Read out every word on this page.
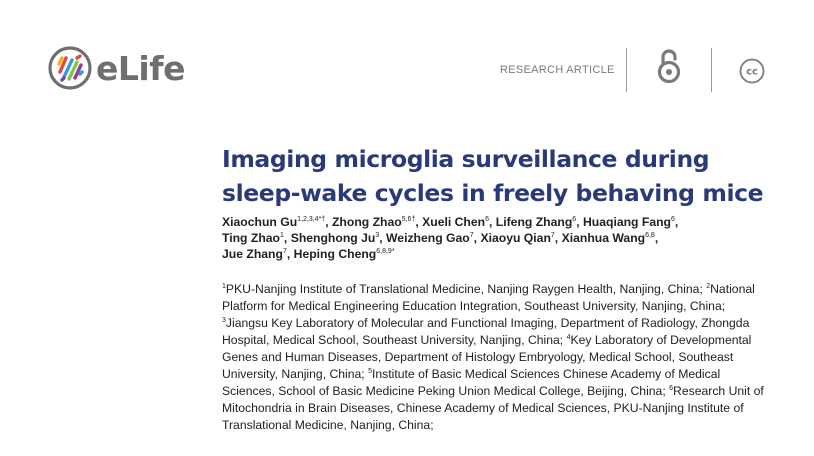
eLife	RESEARCH ARTICLE	cc
Imaging microglia surveillance during
sleep-wake cycles in freely behaving mice
Xiaochun $Gu^{1,2,3,4*\dagger}$, Zhong Zhao$^{5,6\dagger}$, Xueli Chen$^6$, Lifeng Zhang$^6$, Huaqiang Fang$^6$,
Ting Zhao$^1$, Shenghong Ju$^3$, Weizheng Gao$^7$, Xiaoyu Qian$^7$, Xianhua Wang$^{6,8}$,
Jue Zhang$^7$, Heping Cheng$^{6,8,9*}$
$^1$PKU-Nanjing Institute of Translational Medicine, Nanjing Raygen Health, Nanjing, China; $^2$National Platform for Medical Engineering Education Integration, Southeast University, Nanjing, China; $^3$Jiangsu Key Laboratory of Molecular and Functional Imaging, Department of Radiology, Zhongda Hospital, Medical School, Southeast University, Nanjing, China; $^4$Key Laboratory of Developmental Genes and Human Diseases, Department of Histology Embryology, Medical School, Southeast University, Nanjing, China; $^5$Institute of Basic Medical Sciences Chinese Academy of Medical Sciences, School of Basic Medicine Peking Union Medical College, Beijing, China; $^6$Research Unit of Mitochondria in Brain Diseases, Chinese Academy of Medical Sciences, PKU-Nanjing Institute of Translational Medicine, Nanjing, China;
